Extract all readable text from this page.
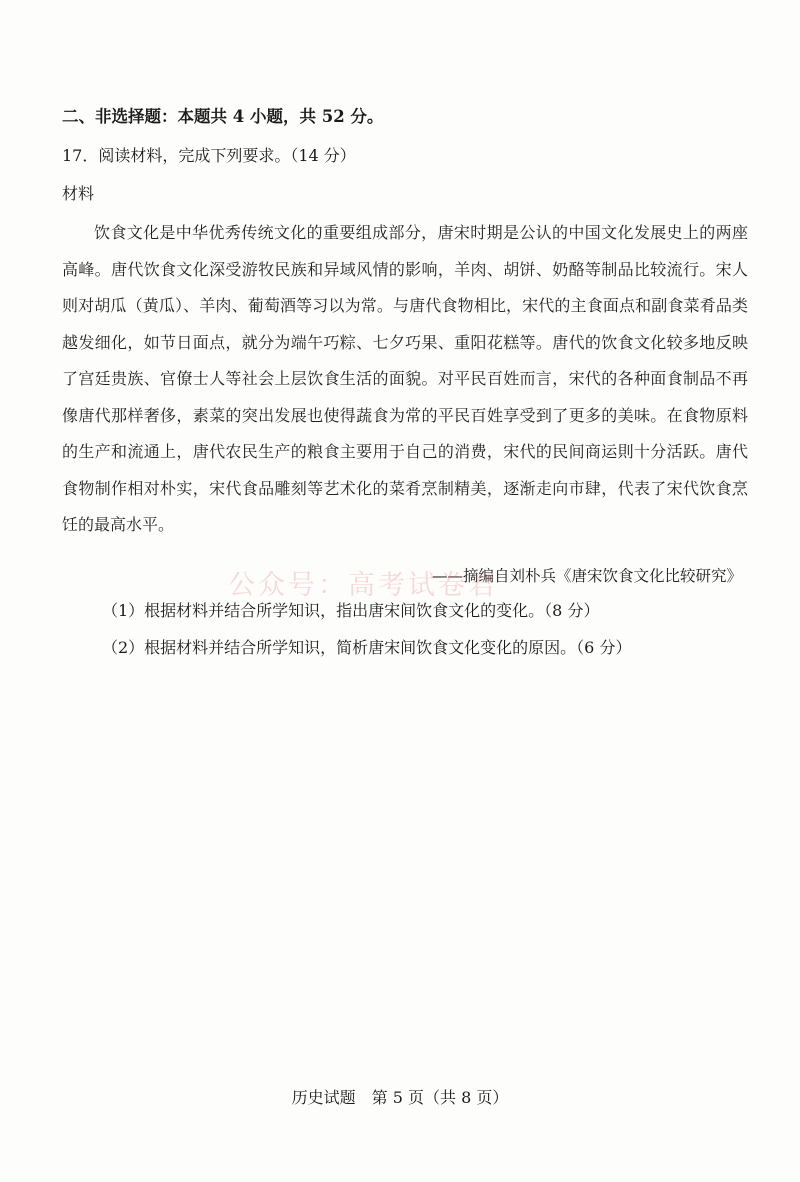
二、非选择题：本题共 4 小题，共 52 分。
17．阅读材料，完成下列要求。（14 分）
材料
饮食文化是中华优秀传统文化的重要组成部分，唐宋时期是公认的中国文化发展史上的两座高峰。唐代饮食文化深受游牧民族和异域风情的影响，羊肉、胡饼、奶酪等制品比较流行。宋人则对胡瓜（黄瓜）、羊肉、葡萄酒等习以为常。与唐代食物相比，宋代的主食面点和副食菜肴品类越发细化，如节日面点，就分为端午巧粽、七夕巧果、重阳花糕等。唐代的饮食文化较多地反映了宫廷贵族、官僚士人等社会上层饮食生活的面貌。对平民百姓而言，宋代的各种面食制品不再像唐代那样奢侈，素菜的突出发展也使得蔬食为常的平民百姓享受到了更多的美味。在食物原料的生产和流通上，唐代农民生产的粮食主要用于自己的消费，宋代的民间商运則十分活跃。唐代食物制作相对朴实，宋代食品雕刻等艺术化的菜肴烹制精美，逐渐走向市肆，代表了宋代饮食烹饪的最高水平。
——摘编自刘朴兵《唐宋饮食文化比较研究》
公众号：高考试卷君
（1）根据材料并结合所学知识，指出唐宋间饮食文化的变化。（8 分）
（2）根据材料并结合所学知识，简析唐宋间饮食文化变化的原因。（6 分）
历史试题　第 5 页（共 8 页）
